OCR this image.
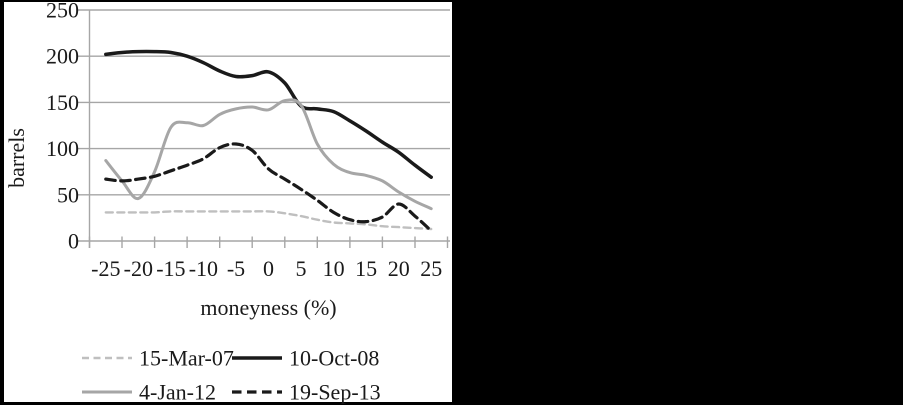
0
50
100
150
200
250
-25 -20 -15 -10 -5 0 5 10 15 20 25
barrels
moneyness (%)
15-Mar-07	10-Oct-08
4-Jan-12	19-Sep-13
